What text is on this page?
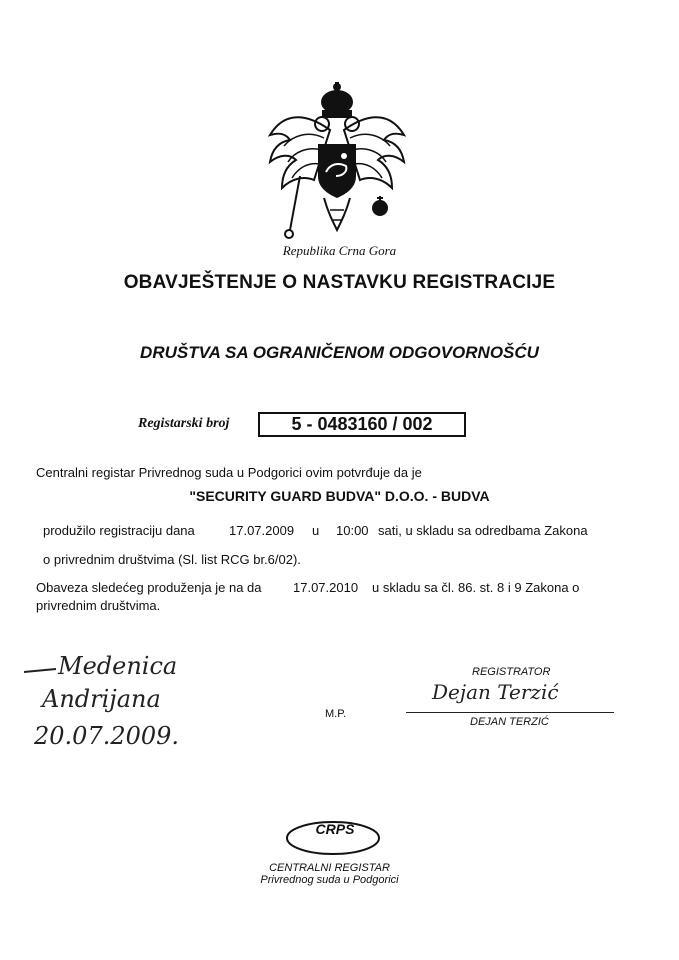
Republika Crna Gora
OBAVJEŠTENJE O NASTAVKU REGISTRACIJE
DRUŠTVA SA OGRANIČENOM ODGOVORNOŠĆU
Registarski broj	5 - 0483160 / 002
Centralni registar Privrednog suda u Podgorici ovim potvrđuje da je
"SECURITY GUARD BUDVA" D.O.O. - BUDVA
produžilo registraciju dana	17.07.2009 u 10:00 sati, u skladu sa odredbama Zakona
o privrednim društvima (Sl. list RCG br.6/02).
Obaveza sledećeg produženja je na da 17.07.2010 u skladu sa čl. 86. st. 8 i 9 Zakona o
privrednim društvima.
Medenica
Andrijana
20.07.2009.
REGISTRATOR
Dejan Terzić
DEJAN TERZIĆ
M.P.
CRPS
CENTRALNI REGISTAR
Privrednog suda u Podgorici
